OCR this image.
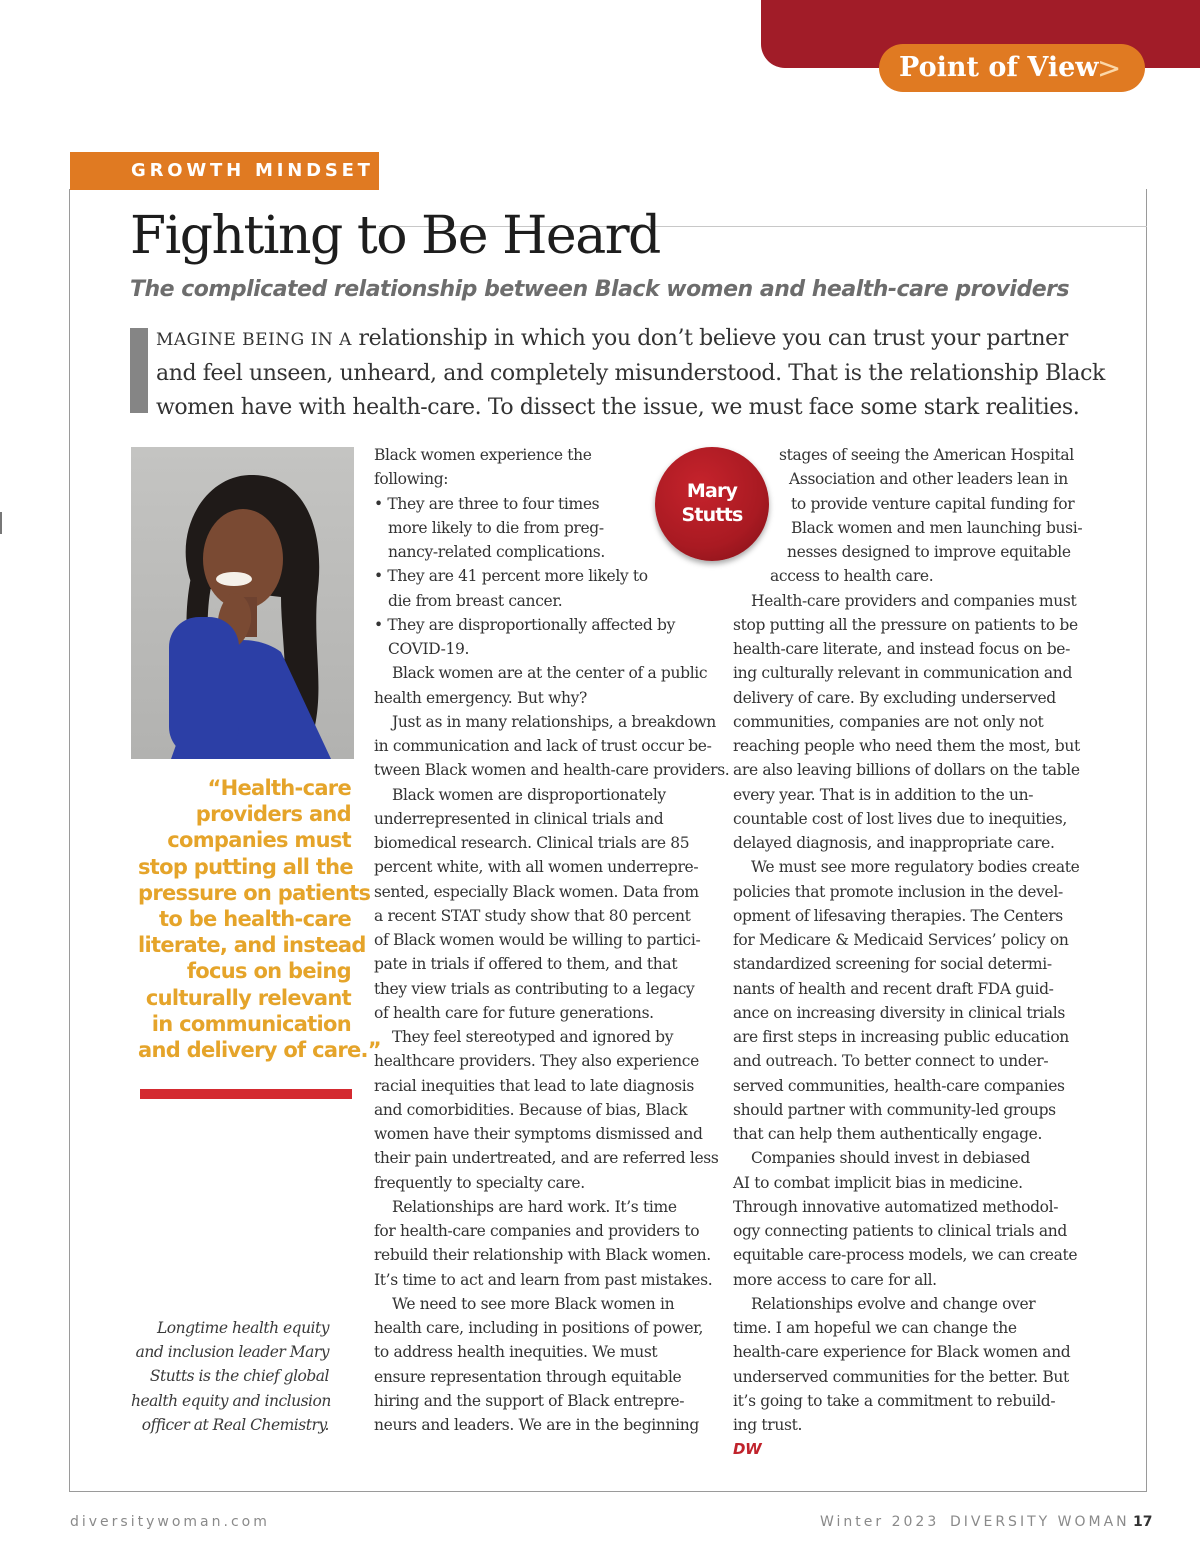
Point of View
>
GROWTH MINDSET
Fighting to Be Heard
The complicated relationship between Black women and health-care providers
MAGINE BEING IN A relationship in which you don’t believe you can trust your partner
and feel unseen, unheard, and completely misunderstood. That is the relationship Black
women have with health-care. To dissect the issue, we must face some stark realities.
“Health-care
providers and
companies must
stop putting all the
pressure on patients
to be health-care
literate, and instead
focus on being
culturally relevant
in communication
and delivery of care.”
Longtime health equity
and inclusion leader Mary
Stutts is the chief global
health equity and inclusion
officer at Real Chemistry.
Black women experience the
following:
• They are three to four times
more likely to die from preg-
nancy-related complications.
• They are 41 percent more likely to
die from breast cancer.
• They are disproportionally affected by
COVID-19.
Black women are at the center of a public
health emergency. But why?
Just as in many relationships, a breakdown
in communication and lack of trust occur be-
tween Black women and health-care providers.
Black women are disproportionately
underrepresented in clinical trials and
biomedical research. Clinical trials are 85
percent white, with all women underrepre-
sented, especially Black women. Data from
a recent STAT study show that 80 percent
of Black women would be willing to partici-
pate in trials if offered to them, and that
they view trials as contributing to a legacy
of health care for future generations.
They feel stereotyped and ignored by
healthcare providers. They also experience
racial inequities that lead to late diagnosis
and comorbidities. Because of bias, Black
women have their symptoms dismissed and
their pain undertreated, and are referred less
frequently to specialty care.
Relationships are hard work. It’s time
for health-care companies and providers to
rebuild their relationship with Black women.
It’s time to act and learn from past mistakes.
We need to see more Black women in
health care, including in positions of power,
to address health inequities. We must
ensure representation through equitable
hiring and the support of Black entrepre-
neurs and leaders. We are in the beginning
Mary
Stutts
stages of seeing the American Hospital
Association and other leaders lean in
to provide venture capital funding for
Black women and men launching busi-
nesses designed to improve equitable
access to health care.
Health-care providers and companies must
stop putting all the pressure on patients to be
health-care literate, and instead focus on be-
ing culturally relevant in communication and
delivery of care. By excluding underserved
communities, companies are not only not
reaching people who need them the most, but
are also leaving billions of dollars on the table
every year. That is in addition to the un-
countable cost of lost lives due to inequities,
delayed diagnosis, and inappropriate care.
We must see more regulatory bodies create
policies that promote inclusion in the devel-
opment of lifesaving therapies. The Centers
for Medicare & Medicaid Services’ policy on
standardized screening for social determi-
nants of health and recent draft FDA guid-
ance on increasing diversity in clinical trials
are first steps in increasing public education
and outreach. To better connect to under-
served communities, health-care companies
should partner with community-led groups
that can help them authentically engage.
Companies should invest in debiased
AI to combat implicit bias in medicine.
Through innovative automatized methodol-
ogy connecting patients to clinical trials and
equitable care-process models, we can create
more access to care for all.
Relationships evolve and change over
time. I am hopeful we can change the
health-care experience for Black women and
underserved communities for the better. But
it’s going to take a commitment to rebuild-
ing trust.
DW
diversitywoman.com	Winter 2023 DIVERSITY WOMAN 17
